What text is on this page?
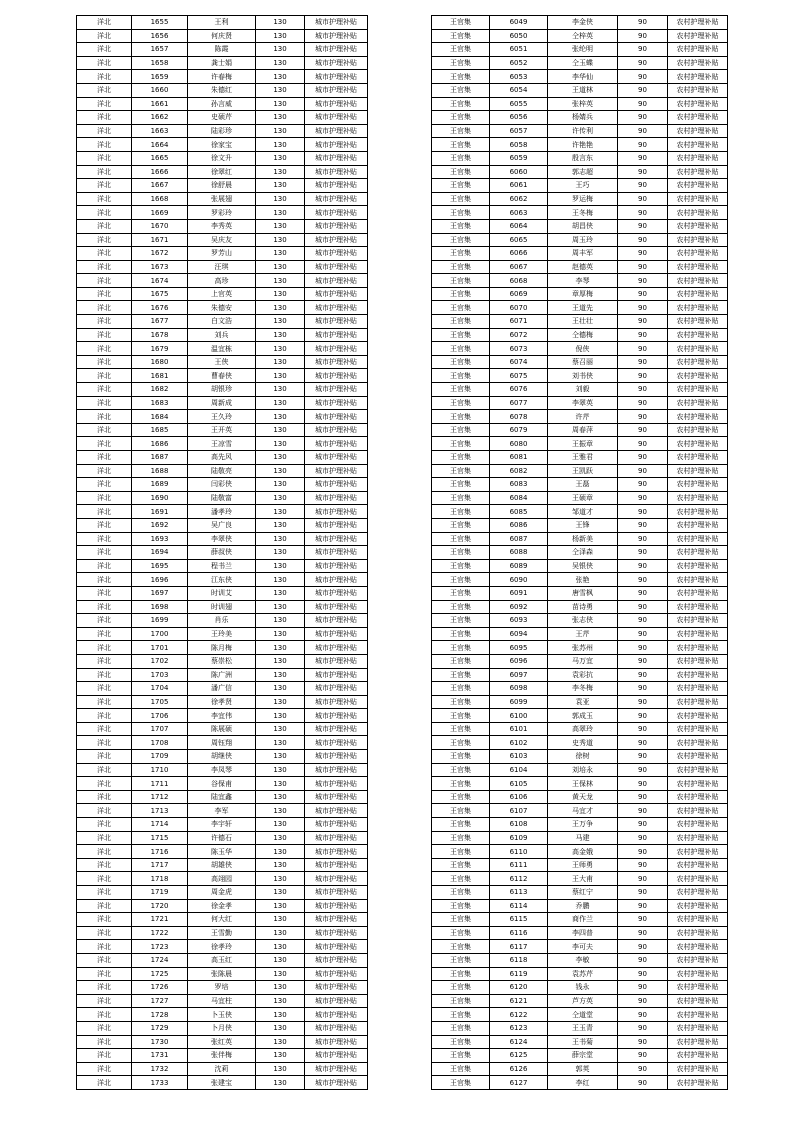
洋北	1655	王利	130	城市护理补贴
洋北	1656	何庆贤	130	城市护理补贴
洋北	1657	陈霞	130	城市护理补贴
洋北	1658	龚士娟	130	城市护理补贴
洋北	1659	许春梅	130	城市护理补贴
洋北	1660	朱德红	130	城市护理补贴
洋北	1661	孙言威	130	城市护理补贴
洋北	1662	史硕芹	130	城市护理补贴
洋北	1663	陆彩珍	130	城市护理补贴
洋北	1664	徐家宝	130	城市护理补贴
洋北	1665	徐文升	130	城市护理补贴
洋北	1666	徐翠红	130	城市护理补贴
洋北	1667	徐舒晨	130	城市护理补贴
洋北	1668	张展翅	130	城市护理补贴
洋北	1669	罗彩玲	130	城市护理补贴
洋北	1670	李秀英	130	城市护理补贴
洋北	1671	吴庆友	130	城市护理补贴
洋北	1672	罗芳山	130	城市护理补贴
洋北	1673	汪琪	130	城市护理补贴
洋北	1674	高珍	130	城市护理补贴
洋北	1675	上官英	130	城市护理补贴
洋北	1676	朱德安	130	城市护理补贴
洋北	1677	白文浩	130	城市护理补贴
洋北	1678	刘兵	130	城市护理补贴
洋北	1679	温宜栋	130	城市护理补贴
洋北	1680	王侠	130	城市护理补贴
洋北	1681	曹春侠	130	城市护理补贴
洋北	1682	胡银珍	130	城市护理补贴
洋北	1683	周新成	130	城市护理补贴
洋北	1684	王久玲	130	城市护理补贴
洋北	1685	王开英	130	城市护理补贴
洋北	1686	王凉雪	130	城市护理补贴
洋北	1687	高先风	130	城市护理补贴
洋北	1688	陆敬亮	130	城市护理补贴
洋北	1689	闫彩侠	130	城市护理补贴
洋北	1690	陆敬富	130	城市护理补贴
洋北	1691	潘孝玲	130	城市护理补贴
洋北	1692	吴广良	130	城市护理补贴
洋北	1693	李翠侠	130	城市护理补贴
洋北	1694	薛叔侠	130	城市护理补贴
洋北	1695	程书兰	130	城市护理补贴
洋北	1696	江东侠	130	城市护理补贴
洋北	1697	时训艾	130	城市护理补贴
洋北	1698	时训翅	130	城市护理补贴
洋北	1699	肖乐	130	城市护理补贴
洋北	1700	王玲美	130	城市护理补贴
洋北	1701	陈月梅	130	城市护理补贴
洋北	1702	蔡崇松	130	城市护理补贴
洋北	1703	陈广洲	130	城市护理补贴
洋北	1704	潘广信	130	城市护理补贴
洋北	1705	徐孝贤	130	城市护理补贴
洋北	1706	李宜伟	130	城市护理补贴
洋北	1707	陈展硕	130	城市护理补贴
洋北	1708	周钰翔	130	城市护理补贴
洋北	1709	胡继侠	130	城市护理补贴
洋北	1710	李凤琴	130	城市护理补贴
洋北	1711	谷保甫	130	城市护理补贴
洋北	1712	陆宜鑫	130	城市护理补贴
洋北	1713	李军	130	城市护理补贴
洋北	1714	李宇轩	130	城市护理补贴
洋北	1715	许德石	130	城市护理补贴
洋北	1716	陈玉华	130	城市护理补贴
洋北	1717	胡雄侠	130	城市护理补贴
洋北	1718	高翊园	130	城市护理补贴
洋北	1719	周金虎	130	城市护理补贴
洋北	1720	徐金孝	130	城市护理补贴
洋北	1721	何大红	130	城市护理补贴
洋北	1722	王雪勤	130	城市护理补贴
洋北	1723	徐孝玲	130	城市护理补贴
洋北	1724	高玉红	130	城市护理补贴
洋北	1725	张陈晨	130	城市护理补贴
洋北	1726	罗培	130	城市护理补贴
洋北	1727	马宜柱	130	城市护理补贴
洋北	1728	卜玉侠	130	城市护理补贴
洋北	1729	卜月侠	130	城市护理补贴
洋北	1730	张红英	130	城市护理补贴
洋北	1731	张伴梅	130	城市护理补贴
洋北	1732	沈莉	130	城市护理补贴
洋北	1733	张建宝	130	城市护理补贴
王官集	6049	李金侠	90	农村护理补贴
王官集	6050	仝梓英	90	农村护理补贴
王官集	6051	张纶明	90	农村护理补贴
王官集	6052	仝玉蝶	90	农村护理补贴
王官集	6053	李华仙	90	农村护理补贴
王官集	6054	王道林	90	农村护理补贴
王官集	6055	张梓英	90	农村护理补贴
王官集	6056	杨婧兵	90	农村护理补贴
王官集	6057	许传利	90	农村护理补贴
王官集	6058	许艳艳	90	农村护理补贴
王官集	6059	殷言东	90	农村护理补贴
王官集	6060	郭志超	90	农村护理补贴
王官集	6061	王巧	90	农村护理补贴
王官集	6062	罗运梅	90	农村护理补贴
王官集	6063	王冬梅	90	农村护理补贴
王官集	6064	胡昌侠	90	农村护理补贴
王官集	6065	周玉玲	90	农村护理补贴
王官集	6066	周丰军	90	农村护理补贴
王官集	6067	赵德英	90	农村护理补贴
王官集	6068	李琴	90	农村护理补贴
王官集	6069	章厚梅	90	农村护理补贴
王官集	6070	王道先	90	农村护理补贴
王官集	6071	王壮壮	90	农村护理补贴
王官集	6072	仝德梅	90	农村护理补贴
王官集	6073	倪侠	90	农村护理补贴
王官集	6074	蔡召丽	90	农村护理补贴
王官集	6075	刘书侠	90	农村护理补贴
王官集	6076	刘毅	90	农村护理补贴
王官集	6077	李翠英	90	农村护理补贴
王官集	6078	许芹	90	农村护理补贴
王官集	6079	周春萍	90	农村护理补贴
王官集	6080	王振章	90	农村护理补贴
王官集	6081	王雅君	90	农村护理补贴
王官集	6082	王凯跃	90	农村护理补贴
王官集	6083	王磊	90	农村护理补贴
王官集	6084	王硕章	90	农村护理补贴
王官集	6085	邹道才	90	农村护理补贴
王官集	6086	王锋	90	农村护理补贴
王官集	6087	杨新美	90	农村护理补贴
王官集	6088	仝泽森	90	农村护理补贴
王官集	6089	吴银侠	90	农村护理补贴
王官集	6090	张艳	90	农村护理补贴
王官集	6091	唐雪枫	90	农村护理补贴
王官集	6092	苗诗勇	90	农村护理补贴
王官集	6093	张志侠	90	农村护理补贴
王官集	6094	王芹	90	农村护理补贴
王官集	6095	张苏州	90	农村护理补贴
王官集	6096	马万宜	90	农村护理补贴
王官集	6097	袁彩抗	90	农村护理补贴
王官集	6098	李冬梅	90	农村护理补贴
王官集	6099	袁亚	90	农村护理补贴
王官集	6100	郭成玉	90	农村护理补贴
王官集	6101	高翠玲	90	农村护理补贴
王官集	6102	史秀道	90	农村护理补贴
王官集	6103	徐树	90	农村护理补贴
王官集	6104	刘培永	90	农村护理补贴
王官集	6105	王保林	90	农村护理补贴
王官集	6106	黄天龙	90	农村护理补贴
王官集	6107	马宜才	90	农村护理补贴
王官集	6108	王万争	90	农村护理补贴
王官集	6109	马建	90	农村护理补贴
王官集	6110	高金娥	90	农村护理补贴
王官集	6111	王师勇	90	农村护理补贴
王官集	6112	王大甫	90	农村护理补贴
王官集	6113	蔡红宁	90	农村护理补贴
王官集	6114	乔鹏	90	农村护理补贴
王官集	6115	商作兰	90	农村护理补贴
王官集	6116	李四普	90	农村护理补贴
王官集	6117	李可夫	90	农村护理补贴
王官集	6118	李敏	90	农村护理补贴
王官集	6119	袁苏芹	90	农村护理补贴
王官集	6120	钱永	90	农村护理补贴
王官集	6121	芦方英	90	农村护理补贴
王官集	6122	仝道堂	90	农村护理补贴
王官集	6123	王玉青	90	农村护理补贴
王官集	6124	王书菊	90	农村护理补贴
王官集	6125	薛宗堂	90	农村护理补贴
王官集	6126	郭英	90	农村护理补贴
王官集	6127	李红	90	农村护理补贴
